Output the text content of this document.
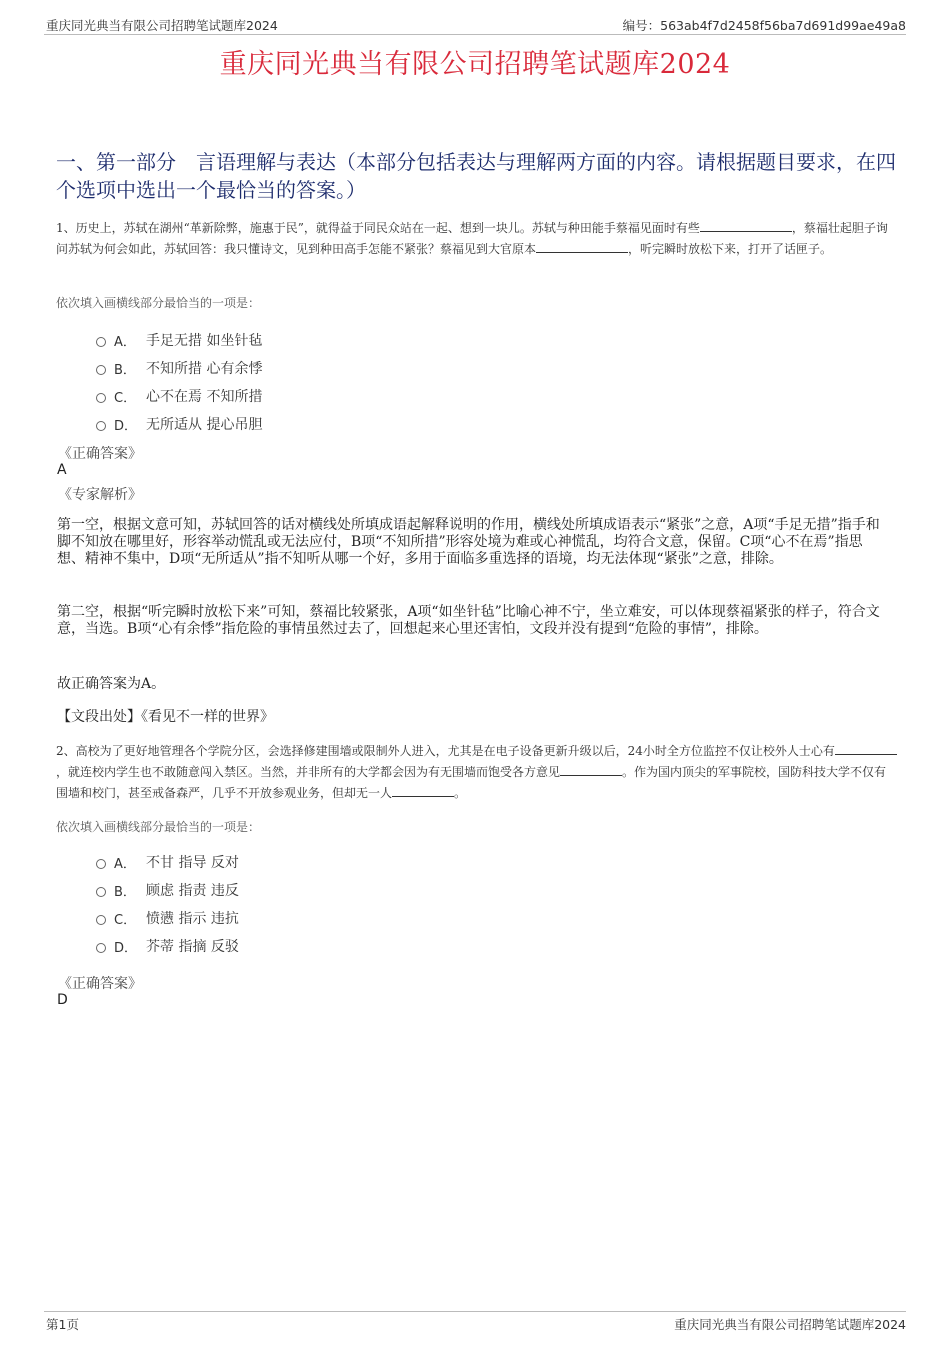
重庆同光典当有限公司招聘笔试题库2024	编号：563ab4f7d2458f56ba7d691d99ae49a8
重庆同光典当有限公司招聘笔试题库2024
一、第一部分　言语理解与表达（本部分包括表达与理解两方面的内容。请根据题目要求，在四个选项中选出一个最恰当的答案。）
1、历史上，苏轼在湖州“革新除弊，施惠于民”，就得益于同民众站在一起、想到一块儿。苏轼与种田能手蔡福见面时有些	，蔡福壮起胆子询问苏轼为何会如此，苏轼回答：我只懂诗文，见到种田高手怎能不紧张？蔡福见到大官原本	，听完瞬时放松下来，打开了话匣子。
依次填入画横线部分最恰当的一项是：
A． 手足无措 如坐针毡
B． 不知所措 心有余悸
C． 心不在焉 不知所措
D． 无所适从 提心吊胆
《正确答案》
A
《专家解析》

第一空，根据文意可知，苏轼回答的话对横线处所填成语起解释说明的作用，横线处所填成语表示“紧张”之意，A项“手足无措”指手和脚不知放在哪里好，形容举动慌乱或无法应付，B项“不知所措”形容处境为难或心神慌乱，均符合文意，保留。C项“心不在焉”指思想、精神不集中，D项“无所适从”指不知听从哪一个好，多用于面临多重选择的语境，均无法体现“紧张”之意，排除。

第二空，根据“听完瞬时放松下来”可知，蔡福比较紧张，A项“如坐针毡”比喻心神不宁，坐立难安，可以体现蔡福紧张的样子，符合文意，当选。B项“心有余悸”指危险的事情虽然过去了，回想起来心里还害怕，文段并没有提到“危险的事情”，排除。

故正确答案为A。

【文段出处】《看见不一样的世界》

2、高校为了更好地管理各个学院分区，会选择修建围墙或限制外人进入，尤其是在电子设备更新升级以后，24小时全方位监控不仅让校外人士心有，就连校内学生也不敢随意闯入禁区。当然，并非所有的大学都会因为有无围墙而饱受各方意见	。作为国内顶尖的军事院校，国防科技大学不仅有围墙和校门，甚至戒备森严，几乎不开放参观业务，但却无一人	。
依次填入画横线部分最恰当的一项是：
A． 不甘 指导 反对
B． 顾虑 指责 违反
C． 愤懑 指示 违抗
D． 芥蒂 指摘 反驳
《正确答案》
D
第1页	重庆同光典当有限公司招聘笔试题库2024
